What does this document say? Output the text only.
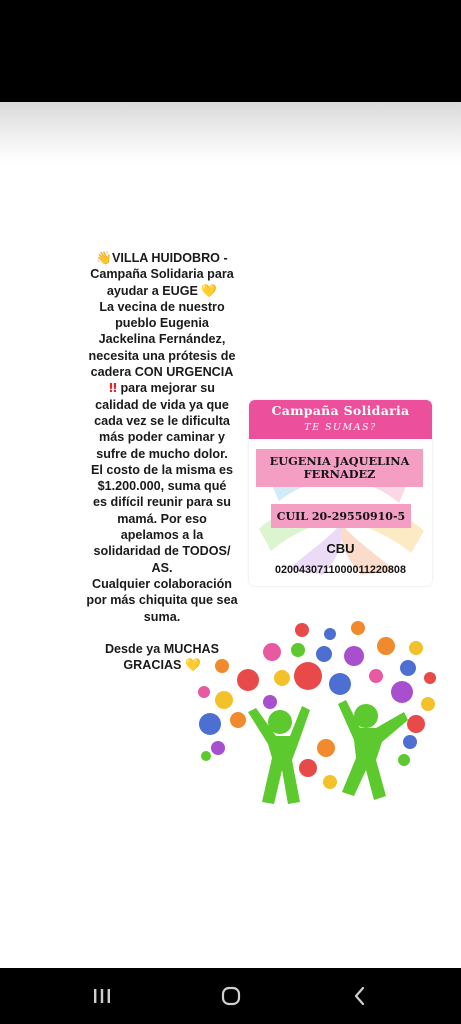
👋VILLA HUIDOBRO -
Campaña Solidaria para
ayudar a EUGE 💛
La vecina de nuestro
pueblo Eugenia
Jackelina Fernández,
necesita una prótesis de
cadera CON URGENCIA
‼ para mejorar su
calidad de vida ya que
cada vez se le dificulta
más poder caminar y
sufre de mucho dolor.
El costo de la misma es
$1.200.000, suma qué
es difícil reunir para su
mamá. Por eso
apelamos a la
solidaridad de TODOS/
AS.
Cualquier colaboración
por más chiquita que sea
suma.
Desde ya MUCHAS
GRACIAS 💛
Campaña Solidaria
TE SUMAS?
EUGENIA JAQUELINA FERNADEZ
CUIL 20-29550910-5
CBU
0200430711000011220808
